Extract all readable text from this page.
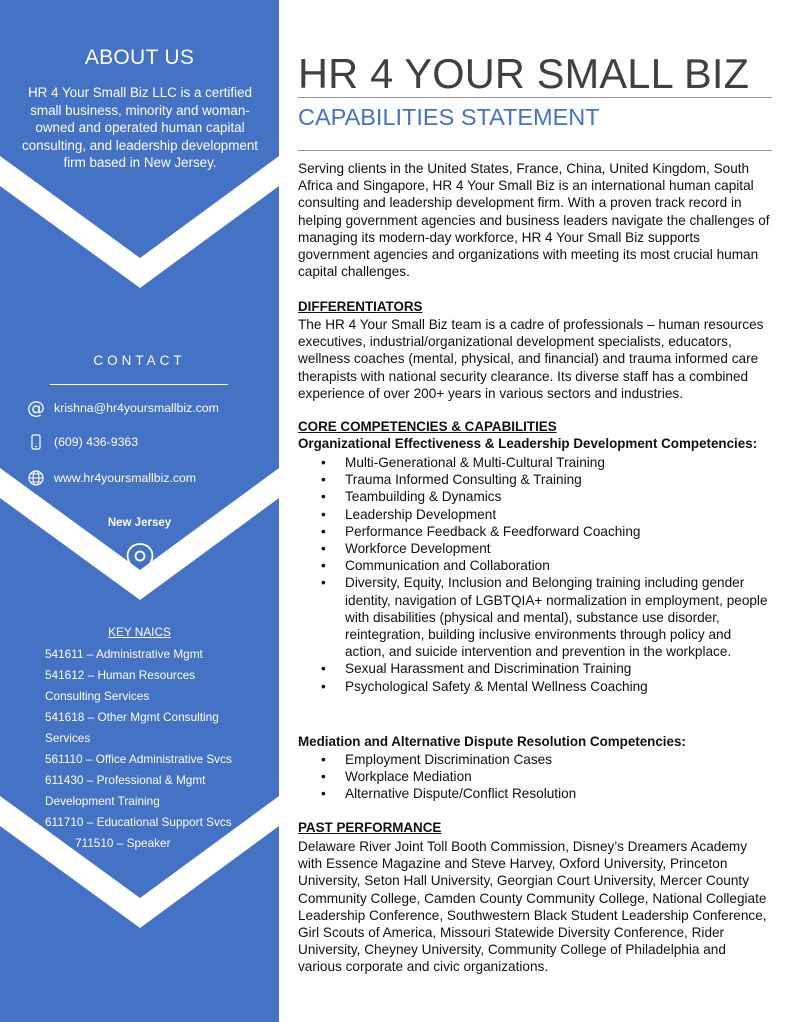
ABOUT US
HR 4 Your Small Biz LLC is a certified small business, minority and woman-owned and operated human capital consulting, and leadership development firm based in New Jersey.
CONTACT
@ krishna@hr4yoursmallbiz.com
(609) 436-9363
www.hr4yoursmallbiz.com
New Jersey
KEY NAICS
541611 – Administrative Mgmt
541612 – Human Resources
Consulting Services
541618 – Other Mgmt Consulting
Services
561110 – Office Administrative Svcs
611430 – Professional & Mgmt
Development Training
611710 – Educational Support Svcs
711510 – Speaker
HR 4 YOUR SMALL BIZ
CAPABILITIES STATEMENT
Serving clients in the United States, France, China, United Kingdom, South Africa and Singapore, HR 4 Your Small Biz is an international human capital consulting and leadership development firm. With a proven track record in helping government agencies and business leaders navigate the challenges of managing its modern-day workforce, HR 4 Your Small Biz supports government agencies and organizations with meeting its most crucial human capital challenges.
DIFFERENTIATORS
The HR 4 Your Small Biz team is a cadre of professionals – human resources executives, industrial/organizational development specialists, educators, wellness coaches (mental, physical, and financial) and trauma informed care therapists with national security clearance. Its diverse staff has a combined experience of over 200+ years in various sectors and industries.
CORE COMPETENCIES & CAPABILITIES
Organizational Effectiveness & Leadership Development Competencies:
• Multi-Generational & Multi-Cultural Training
• Trauma Informed Consulting & Training
• Teambuilding & Dynamics
• Leadership Development
• Performance Feedback & Feedforward Coaching
• Workforce Development
• Communication and Collaboration
• Diversity, Equity, Inclusion and Belonging training including gender identity, navigation of LGBTQIA+ normalization in employment, people with disabilities (physical and mental), substance use disorder, reintegration, building inclusive environments through policy and action, and suicide intervention and prevention in the workplace.
• Sexual Harassment and Discrimination Training
• Psychological Safety & Mental Wellness Coaching
Mediation and Alternative Dispute Resolution Competencies:
• Employment Discrimination Cases
• Workplace Mediation
• Alternative Dispute/Conflict Resolution
PAST PERFORMANCE
Delaware River Joint Toll Booth Commission, Disney’s Dreamers Academy with Essence Magazine and Steve Harvey, Oxford University, Princeton University, Seton Hall University, Georgian Court University, Mercer County Community College, Camden County Community College, National Collegiate Leadership Conference, Southwestern Black Student Leadership Conference, Girl Scouts of America, Missouri Statewide Diversity Conference, Rider University, Cheyney University, Community College of Philadelphia and various corporate and civic organizations.
